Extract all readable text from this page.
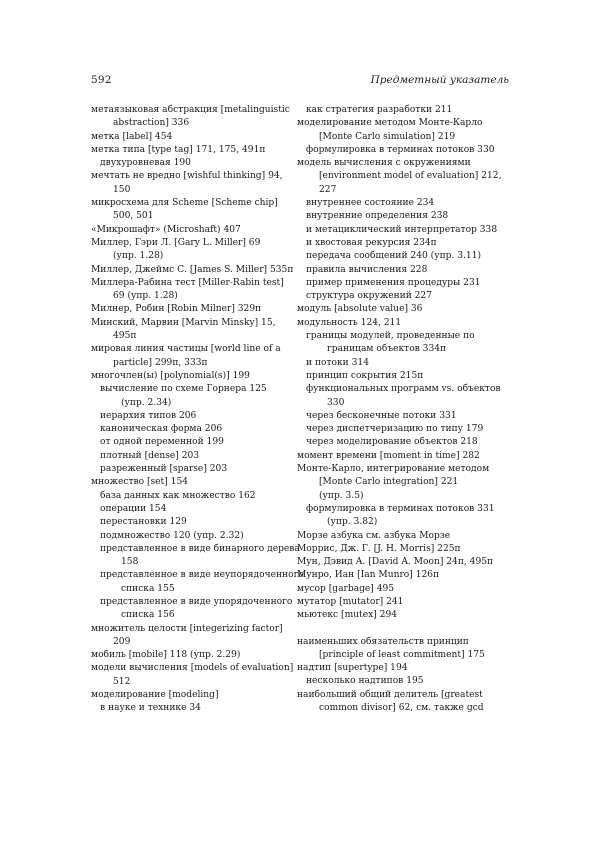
592	Предметный указатель

метаязыковая абстракция [metalinguistic

abstraction] 336

метка [label] 454

метка типа [type tag] 171, 175, 491п

двухуровневая 190

мечтать не вредно [wishful thinking] 94,

150

микросхема для Scheme [Scheme chip]

500, 501

«Микрошафт» (Microshaft) 407

Миллер, Гэри Л. [Gary L. Miller] 69

(упр. 1.28)

Миллер, Джеймс С. [James S. Miller] 535п

Миллера-Рабина тест [Miller-Rabin test]

69 (упр. 1.28)

Милнер, Робин [Robin Milner] 329п

Минский, Марвин [Marvin Minsky] 15,

495п

мировая линия частицы [world line of a

particle] 299п, 333п

многочлен(ы) [polynomial(s)] 199

вычисление по схеме Горнера 125

(упр. 2.34)

иерархия типов 206

каноническая форма 206

от одной переменной 199

плотный [dense] 203

разреженный [sparse] 203

множество [set] 154

база данных как множество 162

операции 154

перестановки 129

подмножество 120 (упр. 2.32)

представленное в виде бинарного дерева

158

представленное в виде неупорядоченного

списка 155

представленное в виде упорядоченного

списка 156

множитель целости [integerizing factor]

209

мобиль [mobile] 118 (упр. 2.29)

модели вычисления [models of evaluation]

512

моделирование [modeling]

в науке и технике 34

как стратегия разработки 211

моделирование методом Монте-Карло

[Monte Carlo simulation] 219

формулировка в терминах потоков 330

модель вычисления с окружениями

[environment model of evaluation] 212,

227

внутреннее состояние 234

внутренние определения 238

и метациклический интерпретатор 338

и хвостовая рекурсия 234п

передача сообщений 240 (упр. 3.11)

правила вычисления 228

пример применения процедуры 231

структура окружений 227

модуль [absolute value] 36

модульность 124, 211

границы модулей, проведенные по

границам объектов 334п

и потоки 314

принцип сокрытия 215п

функциональных программ vs. объектов

330

через бесконечные потоки 331

через диспетчеризацию по типу 179

через моделирование объектов 218

момент времени [moment in time] 282

Монте-Карло, интегрирование методом

[Monte Carlo integration] 221

(упр. 3.5)

формулировка в терминах потоков 331

(упр. 3.82)

Морзе азбука см. азбука Морзе

Моррис, Дж. Г. [J. H. Morris] 225п

Мун, Дэвид А. [David A. Moon] 24п, 495п

Мунро, Иан [Ian Munro] 126п

мусор [garbage] 495

мутатор [mutator] 241

мьютекс [mutex] 294

наименьших обязательств принцип

[principle of least commitment] 175

надтип [supertype] 194

несколько надтипов 195

наибольший общий делитель [greatest

common divisor] 62, см. также gcd
